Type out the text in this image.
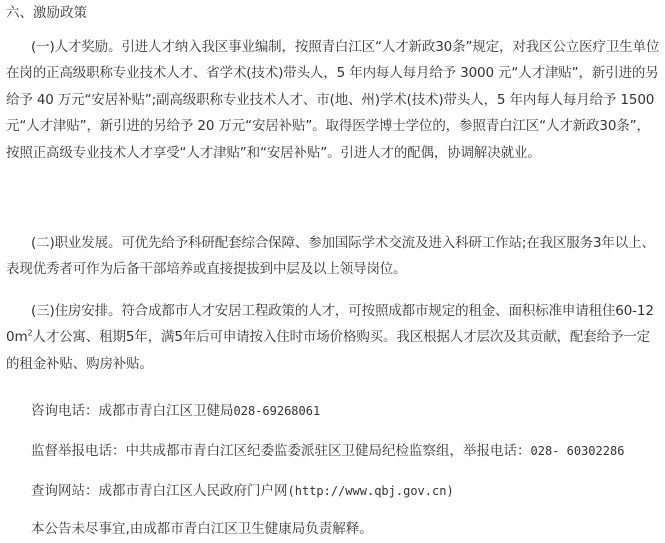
六、激励政策

(一)人才奖励。引进人才纳入我区事业编制，按照青白江区“人才新政30条”规定，对我区公立医疗卫生单位在岗的正高级职称专业技术人才、省学术(技术)带头人，5 年内每人每月给予 3000 元“人才津贴”，新引进的另给予 40 万元“安居补贴”;副高级职称专业技术人才、市(地、州)学术(技术)带头人，5 年内每人每月给予 1500 元“人才津贴”，新引进的另给予 20 万元“安居补贴”。取得医学博士学位的，参照青白江区“人才新政30条”，按照正高级专业技术人才享受“人才津贴”和“安居补贴”。引进人才的配偶，协调解决就业。

(二)职业发展。可优先给予科研配套综合保障、参加国际学术交流及进入科研工作站;在我区服务3年以上、表现优秀者可作为后备干部培养或直接提拔到中层及以上领导岗位。

(三)住房安排。符合成都市人才安居工程政策的人才，可按照成都市规定的租金、面积标准申请租住$60-120m^2$人才公寓、租期5年，满5年后可申请按入住时市场价格购买。我区根据人才层次及其贡献，配套给予一定的租金补贴、购房补贴。

咨询电话：成都市青白江区卫健局028-69268061

监督举报电话：中共成都市青白江区纪委监委派驻区卫健局纪检监察组，举报电话：028- 60302286

查询网站：成都市青白江区人民政府门户网(http://www.qbj.gov.cn)

本公告未尽事宜,由成都市青白江区卫生健康局负责解释。
